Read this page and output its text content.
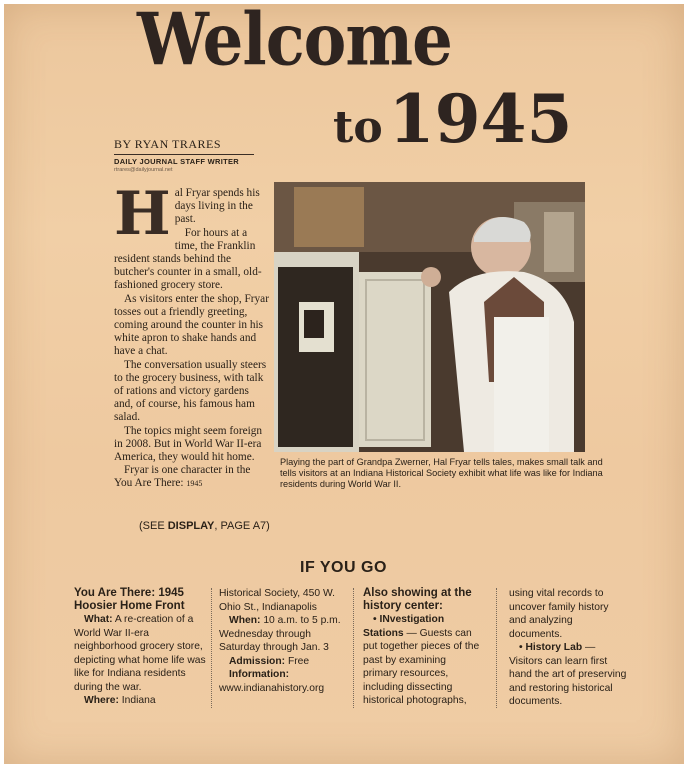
Welcome
to1945
BY RYAN TRARES
DAILY JOURNAL STAFF WRITER
rtrares@dailyjournal.net

Hal Fryar spends his days living in the past.

For hours at a time, the Franklin resident stands behind the butcher's counter in a small, old-fashioned grocery store.

As visitors enter the shop, Fryar tosses out a friendly greeting, coming around the counter in his white apron to shake hands and have a chat.

The conversation usually steers to the grocery business, with talk of rations and victory gardens and, of course, his famous ham salad.

The topics might seem foreign in 2008. But in World War II-era America, they would hit home.

Fryar is one character in the You Are There: 1945

(SEE DISPLAY, PAGE A7)
Playing the part of Grandpa Zwerner, Hal Fryar tells tales, makes small talk and tells visitors at an Indiana Historical Society exhibit what life was like for Indiana residents during World War II.
IF YOU GO
You Are There: 1945 Hoosier Home Front

What: A re-creation of a World War II-era neighborhood grocery store, depicting what home life was like for Indiana residents during the war.

Where: Indiana

Historical Society, 450 W. Ohio St., Indianapolis

When: 10 a.m. to 5 p.m. Wednesday through Saturday through Jan. 3

Admission: Free

Information:

www.indianahistory.org

Also showing at the history center:

• INvestigation Stations — Guests can put together pieces of the past by examining primary resources, including dissecting historical photographs,

using vital records to uncover family history and analyzing documents.

• History Lab — Visitors can learn first hand the art of preserving and restoring historical documents.
